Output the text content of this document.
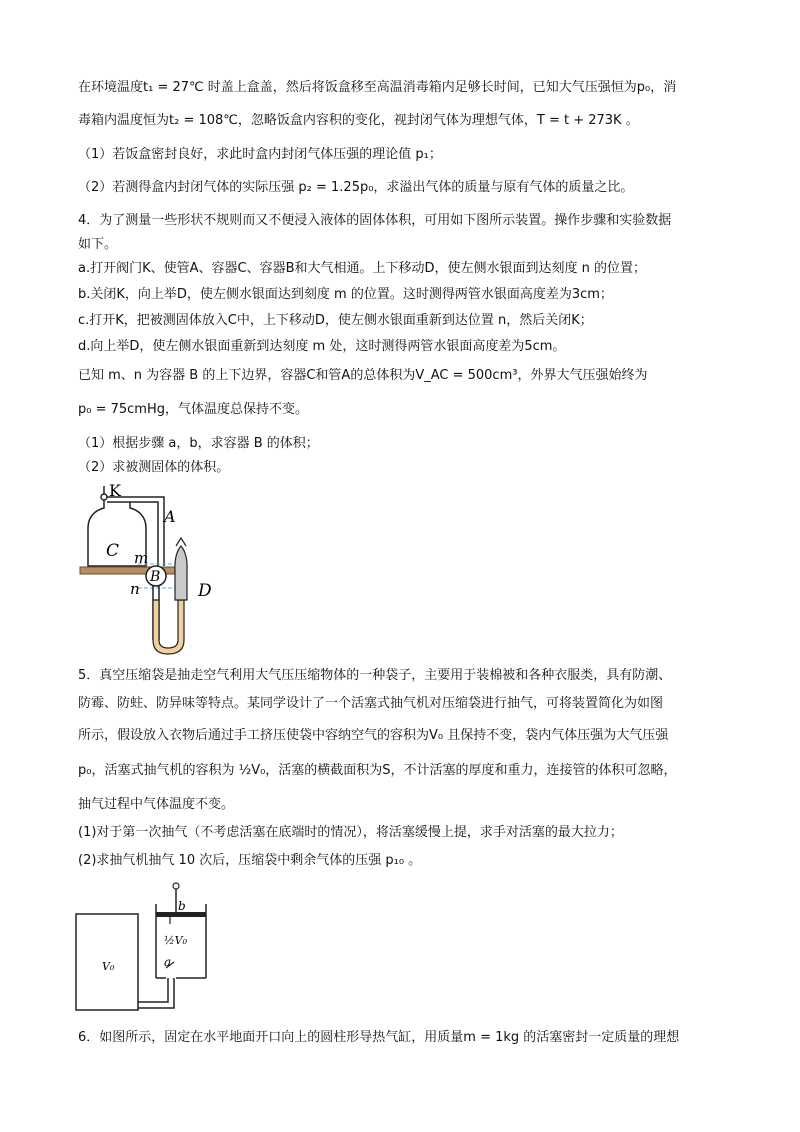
在环境温度t₁ = 27℃ 时盖上盒盖，然后将饭盒移至高温消毒箱内足够长时间，已知大气压强恒为p₀，消
毒箱内温度恒为t₂ = 108℃，忽略饭盒内容积的变化，视封闭气体为理想气体，T = t + 273K 。
（1）若饭盒密封良好，求此时盒内封闭气体压强的理论值 p₁；
（2）若测得盒内封闭气体的实际压强 p₂ = 1.25p₀，求溢出气体的质量与原有气体的质量之比。
4．为了测量一些形状不规则而又不便浸入液体的固体体积，可用如下图所示装置。操作步骤和实验数据
如下。
a.打开阀门K、使管A、容器C、容器B和大气相通。上下移动D，使左侧水银面到达刻度 n 的位置；
b.关闭K，向上举D，使左侧水银面达到刻度 m 的位置。这时测得两管水银面高度差为3cm；
c.打开K，把被测固体放入C中，上下移动D，使左侧水银面重新到达位置 n，然后关闭K；
d.向上举D，使左侧水银面重新到达刻度 m 处，这时测得两管水银面高度差为5cm。
已知 m、n 为容器 B 的上下边界，容器C和管A的总体积为V_AC = 500cm³，外界大气压强始终为
p₀ = 75cmHg，气体温度总保持不变。
（1）根据步骤 a，b，求容器 B 的体积；
（2）求被测固体的体积。
K
A
C m
B
n	D
5．真空压缩袋是抽走空气利用大气压压缩物体的一种袋子，主要用于装棉被和各种衣服类，具有防潮、
防霉、防蛀、防异味等特点。某同学设计了一个活塞式抽气机对压缩袋进行抽气，可将装置简化为如图
所示，假设放入衣物后通过手工挤压使袋中容纳空气的容积为V₀ 且保持不变，袋内气体压强为大气压强
p₀，活塞式抽气机的容积为 ½V₀，活塞的横截面积为S，不计活塞的厚度和重力，连接管的体积可忽略，
抽气过程中气体温度不变。
(1)对于第一次抽气（不考虑活塞在底端时的情况），将活塞缓慢上提，求手对活塞的最大拉力；
(2)求抽气机抽气 10 次后，压缩袋中剩余气体的压强 p₁₀ 。
V₀
b
½V₀
a
6．如图所示，固定在水平地面开口向上的圆柱形导热气缸，用质量m = 1kg 的活塞密封一定质量的理想
